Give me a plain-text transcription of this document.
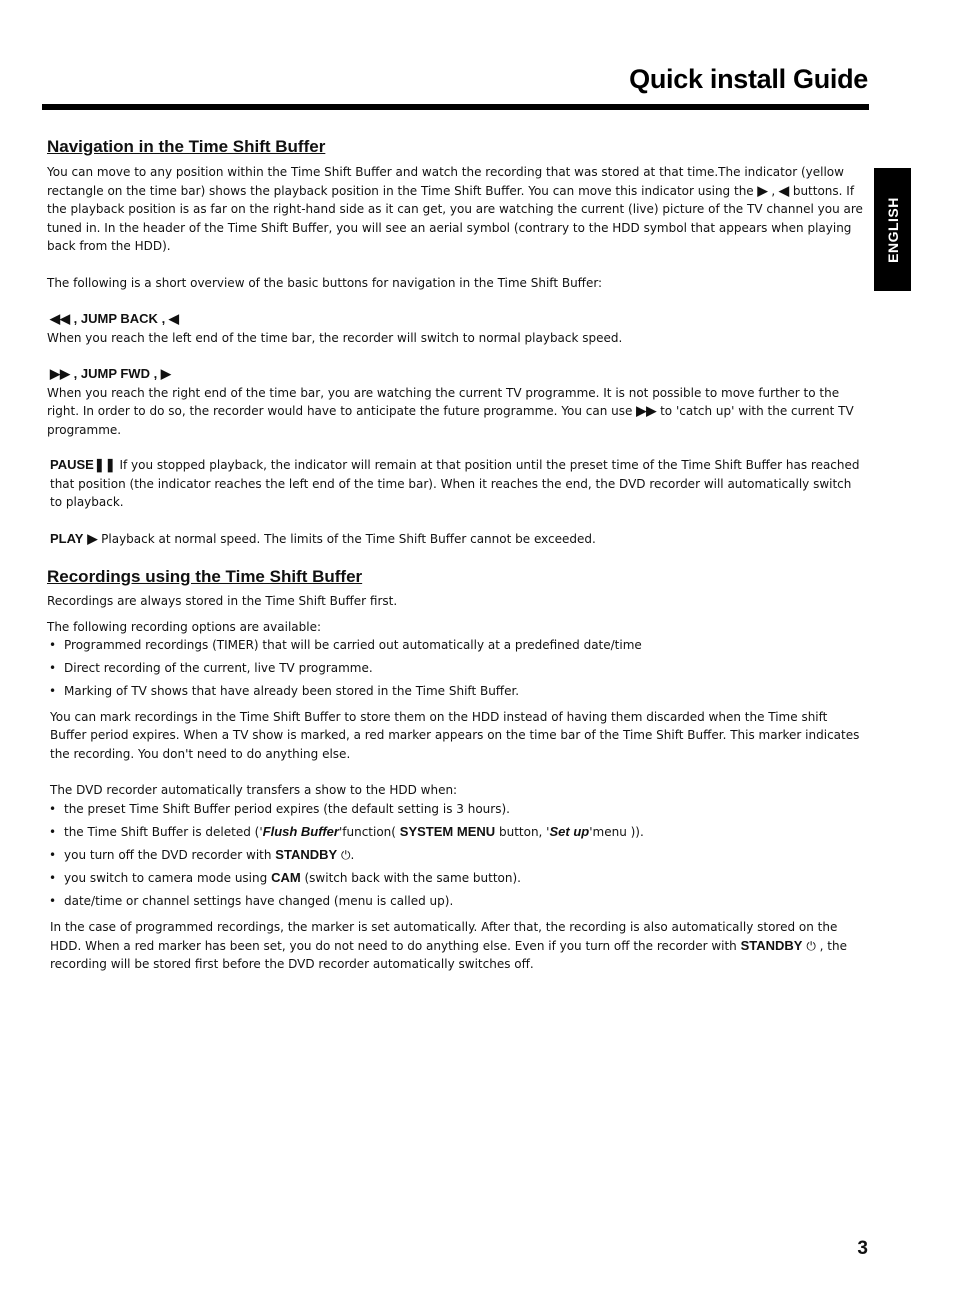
Quick install Guide
ENGLISH
Navigation in the Time Shift Buffer

You can move to any position within the Time Shift Buffer and watch the recording that was stored at that time.The indicator (yellow rectangle on the time bar) shows the playback position in the Time Shift Buffer. You can move this indicator using the ▶ , ◀ buttons. If the playback position is as far on the right-hand side as it can get, you are watching the current (live) picture of the TV channel you are tuned in. In the header of the Time Shift Buffer, you will see an aerial symbol (contrary to the HDD symbol that appears when playing back from the HDD).

The following is a short overview of the basic buttons for navigation in the Time Shift Buffer:

◀◀ , JUMP BACK , ◀

When you reach the left end of the time bar, the recorder will switch to normal playback speed.

▶▶ , JUMP FWD , ▶

When you reach the right end of the time bar, you are watching the current TV programme. It is not possible to move further to the right. In order to do so, the recorder would have to anticipate the future programme. You can use ▶▶ to 'catch up' with the current TV programme.

PAUSE❚❚ If you stopped playback, the indicator will remain at that position until the preset time of the Time Shift Buffer has reached that position (the indicator reaches the left end of the time bar). When it reaches the end, the DVD recorder will automatically switch to playback.

PLAY ▶ Playback at normal speed. The limits of the Time Shift Buffer cannot be exceeded.

Recordings using the Time Shift Buffer

Recordings are always stored in the Time Shift Buffer first.

The following recording options are available:

• Programmed recordings (TIMER) that will be carried out automatically at a predefined date/time
• Direct recording of the current, live TV programme.
• Marking of TV shows that have already been stored in the Time Shift Buffer.

You can mark recordings in the Time Shift Buffer to store them on the HDD instead of having them discarded when the Time shift Buffer period expires. When a TV show is marked, a red marker appears on the time bar of the Time Shift Buffer. This marker indicates the recording. You don't need to do anything else.

The DVD recorder automatically transfers a show to the HDD when:

• the preset Time Shift Buffer period expires (the default setting is 3 hours).
• the Time Shift Buffer is deleted ('Flush Buffer'function( SYSTEM MENU button, 'Set up'menu )).
• you turn off the DVD recorder with STANDBY ⏻.
• you switch to camera mode using CAM (switch back with the same button).
• date/time or channel settings have changed (menu is called up).

In the case of programmed recordings, the marker is set automatically. After that, the recording is also automatically stored on the HDD. When a red marker has been set, you do not need to do anything else. Even if you turn off the recorder with STANDBY ⏻ , the recording will be stored first before the DVD recorder automatically switches off.

3
